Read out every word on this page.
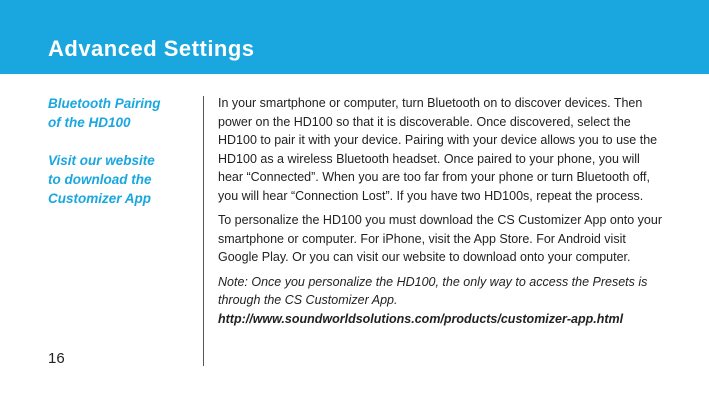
Advanced Settings
Bluetooth Pairing
of the HD100
Visit our website
to download the
Customizer App

In your smartphone or computer, turn Bluetooth on to discover devices. Then power on the HD100 so that it is discoverable. Once discovered, select the HD100 to pair it with your device. Pairing with your device allows you to use the HD100 as a wireless Bluetooth headset. Once paired to your phone, you will hear “Connected”. When you are too far from your phone or turn Bluetooth off, you will hear “Connection Lost”. If you have two HD100s, repeat the process.

To personalize the HD100 you must download the CS Customizer App onto your smartphone or computer. For iPhone, visit the App Store. For Android visit Google Play. Or you can visit our website to download onto your computer.

Note: Once you personalize the HD100, the only way to access the Presets is through the CS Customizer App.
http://www.soundworldsolutions.com/products/customizer-app.html

16
